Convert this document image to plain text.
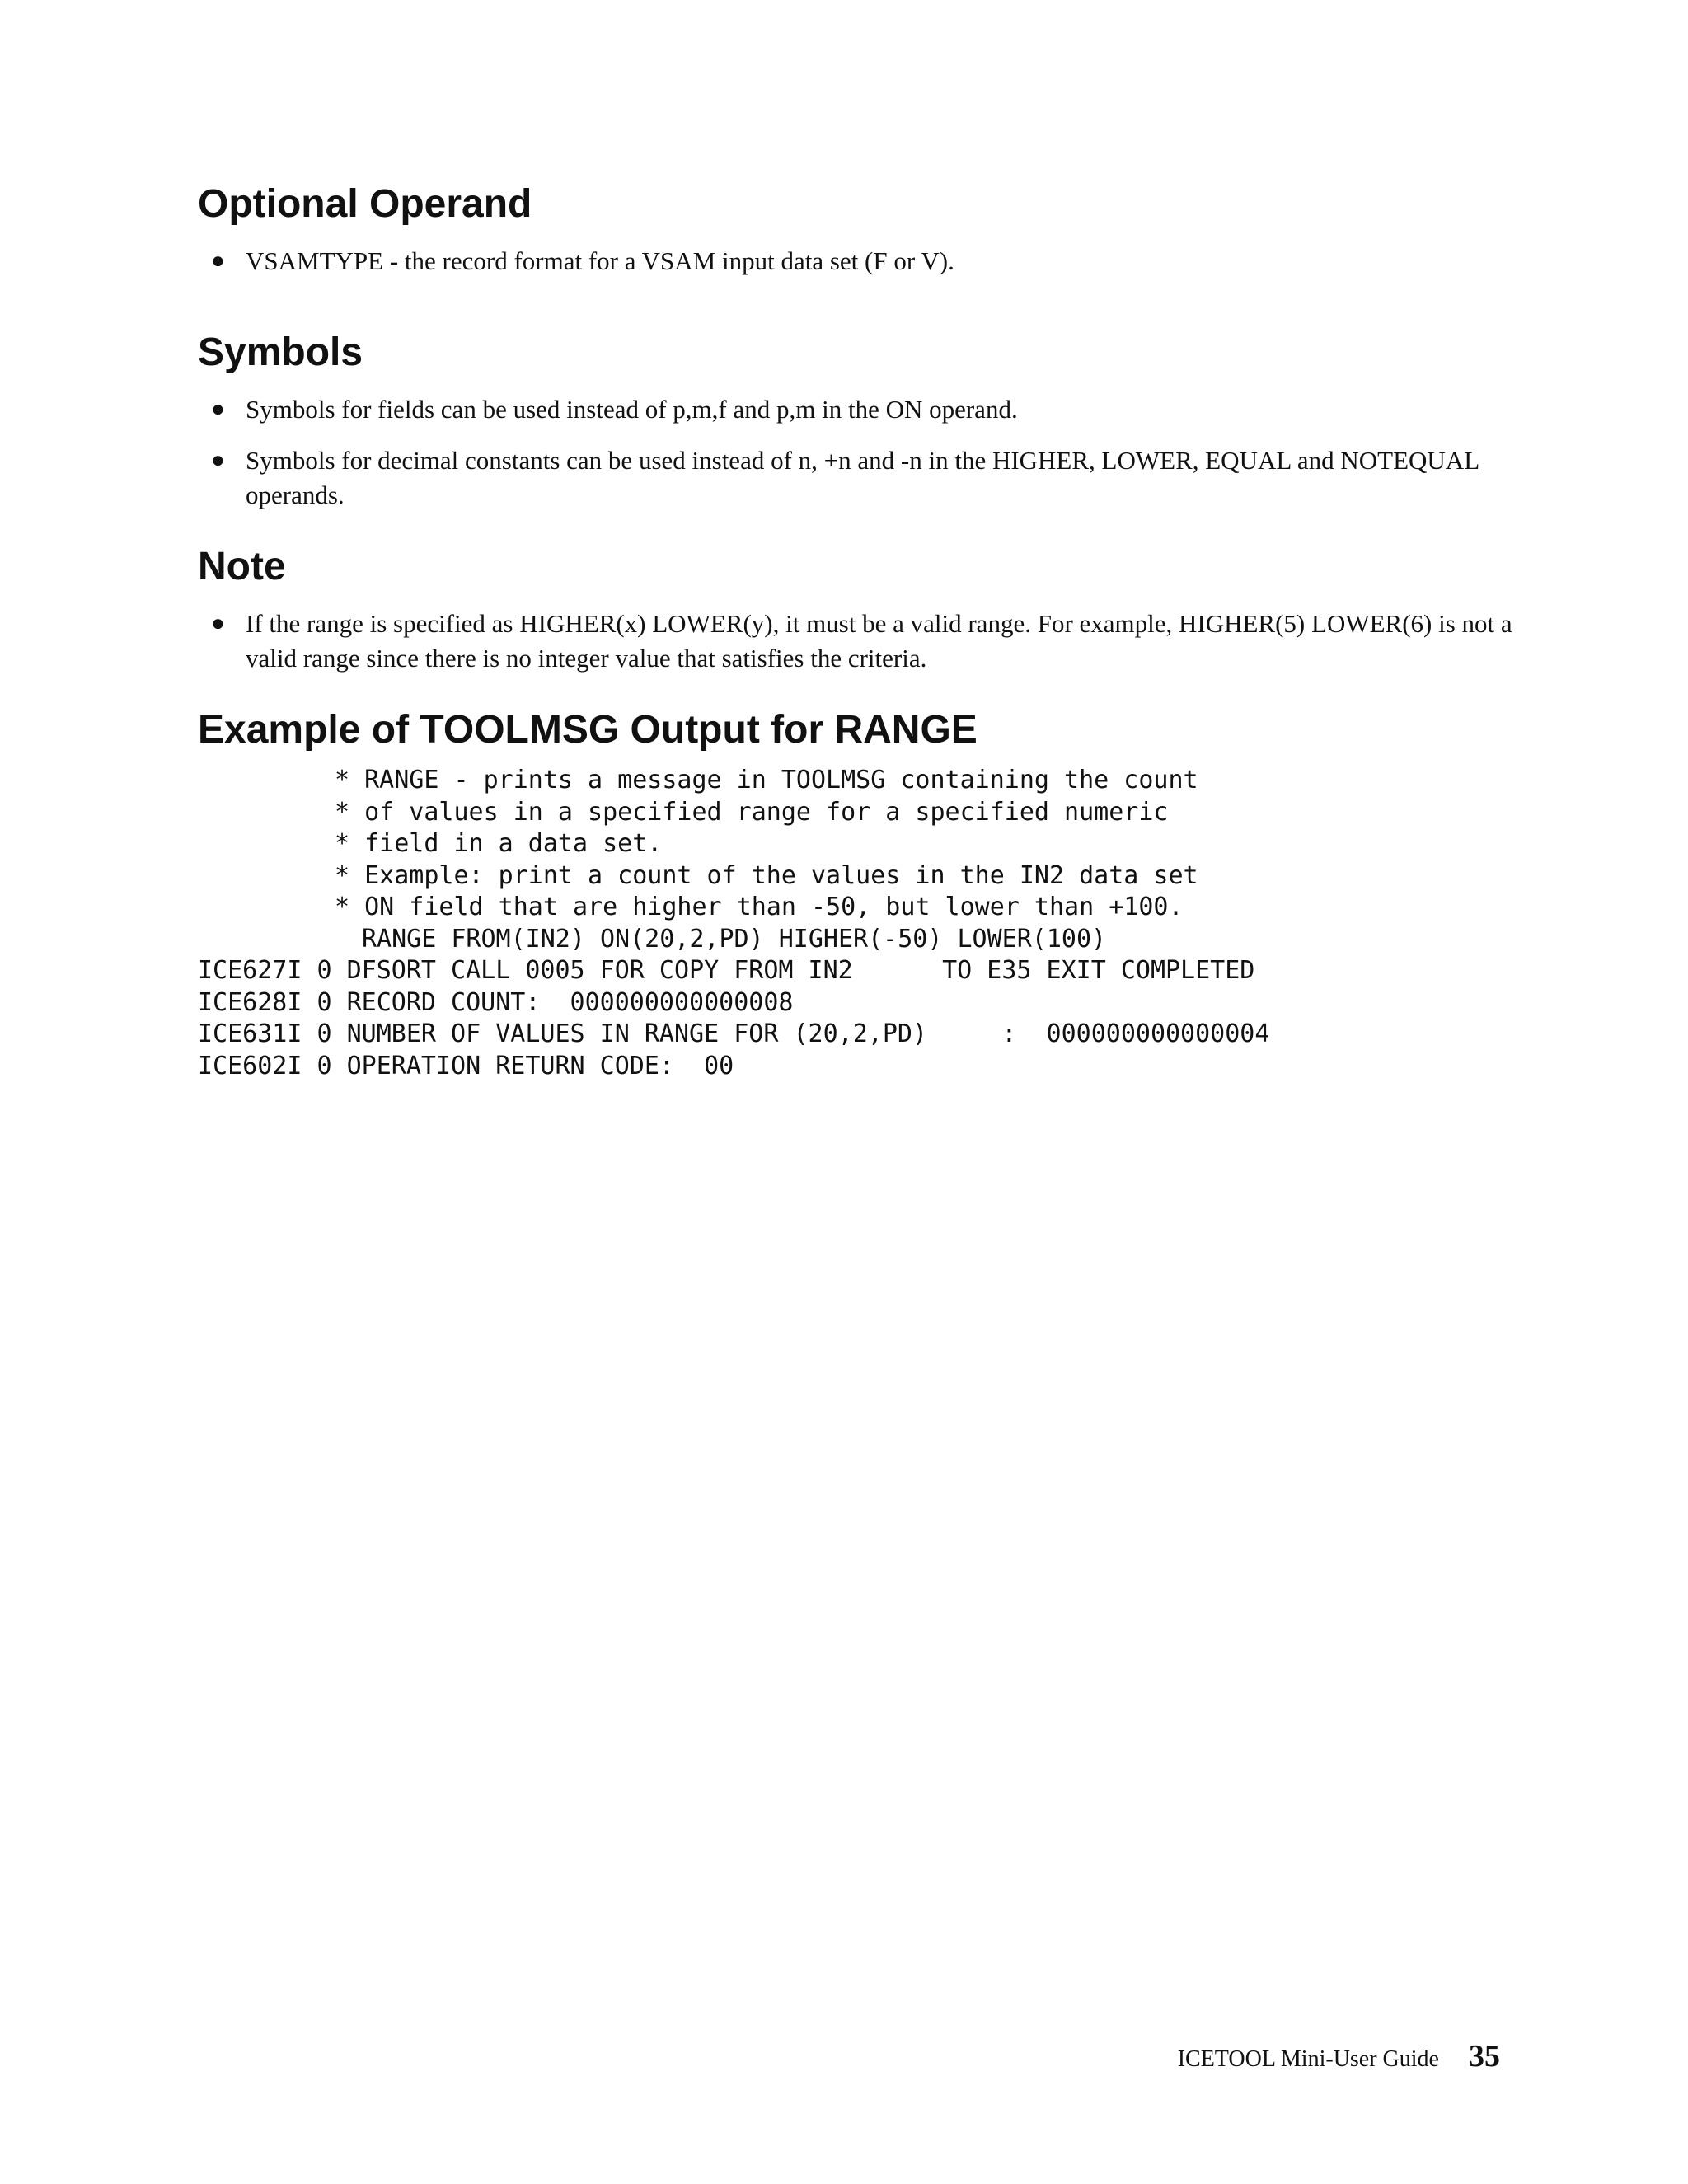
Optional Operand
● VSAMTYPE - the record format for a VSAM input data set (F or V).
Symbols
● Symbols for fields can be used instead of p,m,f and p,m in the ON operand.
● Symbols for decimal constants can be used instead of n, +n and -n in the HIGHER, LOWER, EQUAL and NOTEQUAL operands.
Note
● If the range is specified as HIGHER(x) LOWER(y), it must be a valid range. For example, HIGHER(5) LOWER(6) is not a valid range since there is no integer value that satisfies the criteria.
Example of TOOLMSG Output for RANGE
* RANGE - prints a message in TOOLMSG containing the count
* of values in a specified range for a specified numeric
* field in a data set.
* Example: print a count of the values in the IN2 data set
* ON field that are higher than -50, but lower than +100.
RANGE FROM(IN2) ON(20,2,PD) HIGHER(-50) LOWER(100)
ICE627I 0 DFSORT CALL 0005 FOR COPY FROM IN2      TO E35 EXIT COMPLETED
ICE628I 0 RECORD COUNT:  000000000000008
ICE631I 0 NUMBER OF VALUES IN RANGE FOR (20,2,PD)     :  000000000000004
ICE602I 0 OPERATION RETURN CODE:  00
ICETOOL Mini-User Guide 35
